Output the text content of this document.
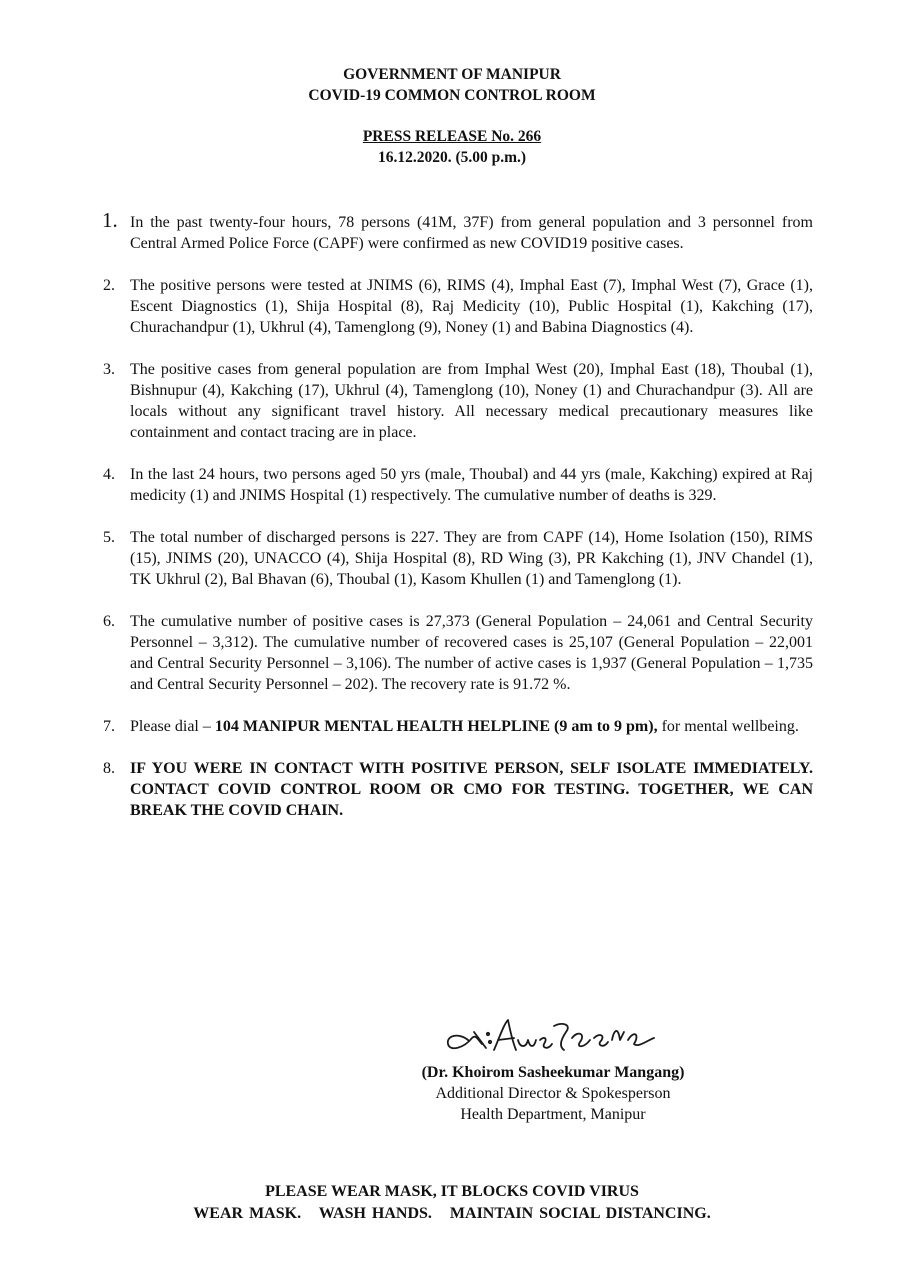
GOVERNMENT OF MANIPUR
COVID-19 COMMON CONTROL ROOM
PRESS RELEASE No. 266
16.12.2020. (5.00 p.m.)
1. In the past twenty-four hours, 78 persons (41M, 37F) from general population and 3 personnel from Central Armed Police Force (CAPF) were confirmed as new COVID19 positive cases.
2. The positive persons were tested at JNIMS (6), RIMS (4), Imphal East (7), Imphal West (7), Grace (1), Escent Diagnostics (1), Shija Hospital (8), Raj Medicity (10), Public Hospital (1), Kakching (17), Churachandpur (1), Ukhrul (4), Tamenglong (9), Noney (1) and Babina Diagnostics (4).
3. The positive cases from general population are from Imphal West (20), Imphal East (18), Thoubal (1), Bishnupur (4), Kakching (17), Ukhrul (4), Tamenglong (10), Noney (1) and Churachandpur (3). All are locals without any significant travel history. All necessary medical precautionary measures like containment and contact tracing are in place.
4. In the last 24 hours, two persons aged 50 yrs (male, Thoubal) and 44 yrs (male, Kakching) expired at Raj medicity (1) and JNIMS Hospital (1) respectively. The cumulative number of deaths is 329.
5. The total number of discharged persons is 227. They are from CAPF (14), Home Isolation (150), RIMS (15), JNIMS (20), UNACCO (4), Shija Hospital (8), RD Wing (3), PR Kakching (1), JNV Chandel (1), TK Ukhrul (2), Bal Bhavan (6), Thoubal (1), Kasom Khullen (1) and Tamenglong (1).
6. The cumulative number of positive cases is 27,373 (General Population – 24,061 and Central Security Personnel – 3,312). The cumulative number of recovered cases is 25,107 (General Population – 22,001 and Central Security Personnel – 3,106). The number of active cases is 1,937 (General Population – 1,735 and Central Security Personnel – 202). The recovery rate is 91.72 %.
7. Please dial – 104 MANIPUR MENTAL HEALTH HELPLINE (9 am to 9 pm), for mental wellbeing.
8. IF YOU WERE IN CONTACT WITH POSITIVE PERSON, SELF ISOLATE IMMEDIATELY. CONTACT COVID CONTROL ROOM OR CMO FOR TESTING. TOGETHER, WE CAN BREAK THE COVID CHAIN.
(Dr. Khoirom Sasheekumar Mangang)
Additional Director & Spokesperson
Health Department, Manipur
PLEASE WEAR MASK, IT BLOCKS COVID VIRUS
WEAR MASK.   WASH HANDS.   MAINTAIN SOCIAL DISTANCING.
